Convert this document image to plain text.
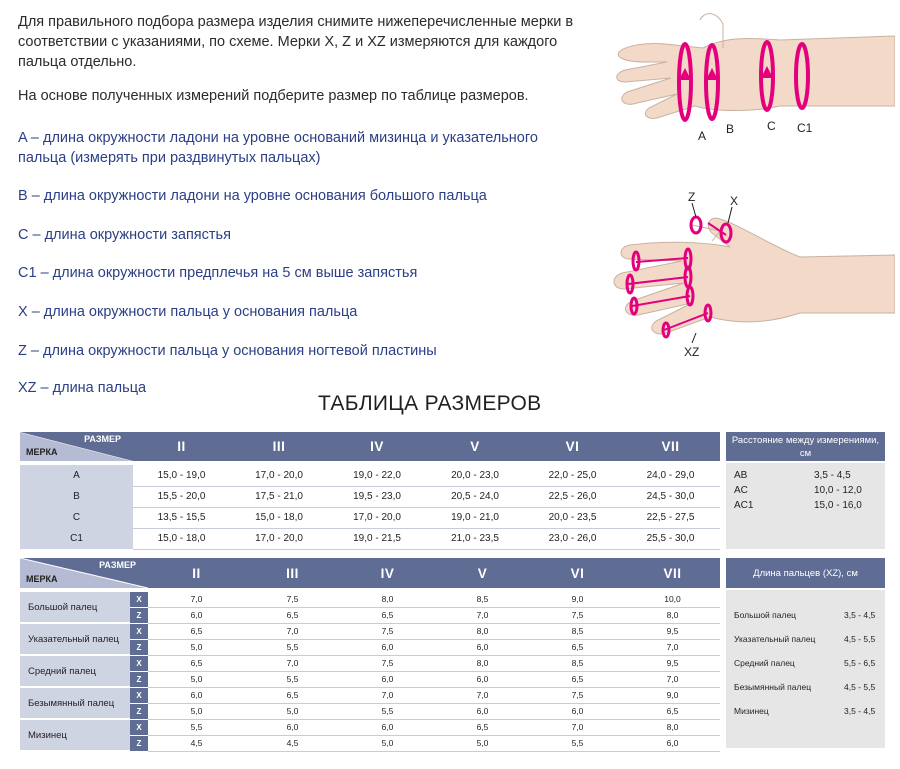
Для правильного подбора размера изделия снимите нижеперечисленные мерки в соответствии с указаниями, по схеме. Мерки X, Z и XZ измеряются для каждого пальца отдельно.
На основе полученных измерений подберите размер по таблице размеров.
A – длина окружности ладони на уровне оснований мизинца и указательного пальца (измерять при раздвинутых пальцах)
B – длина окружности ладони на уровне основания большого пальца
C – длина окружности запястья
C1 – длина окружности предплечья на 5 см выше запястья
X – длина окружности пальца у основания пальца
Z – длина окружности пальца у основания ногтевой пластины
XZ – длина пальца
A B	C C1
Z	X
XZ
ТАБЛИЦА РАЗМЕРОВ
РАЗМЕР
МЕРКА	II	III	IV	V	VI	VII

A	15,0 - 19,0	17,0 - 20,0	19,0 - 22,0	20,0 - 23,0	22,0 - 25,0	24,0 - 29,0
B	15,5 - 20,0	17,5 - 21,0	19,5 - 23,0	20,5 - 24,0	22,5 - 26,0	24,5 - 30,0
C	13,5 - 15,5	15,0 - 18,0	17,0 - 20,0	19,0 - 21,0	20,0 - 23,5	22,5 - 27,5
C1	15,0 - 18,0	17,0 - 20,0	19,0 - 21,5	21,0 - 23,5	23,0 - 26,0	25,5 - 30,0
Расстояние между измерениями, см
AB	3,5 - 4,5
AC	10,0 - 12,0
AC1	15,0 - 16,0
РАЗМЕР
МЕРКА		II	III	IV	V	VI	VII

Большой палец	X	7,0	7,5	8,0	8,5	9,0	10,0
	Z	6,0	6,5	6,5	7,0	7,5	8,0
Указательный палец	X	6,5	7,0	7,5	8,0	8,5	9,5
	Z	5,0	5,5	6,0	6,0	6,5	7,0
Средний палец	X	6,5	7,0	7,5	8,0	8,5	9,5
	Z	5,0	5,5	6,0	6,0	6,5	7,0
Безымянный палец	X	6,0	6,5	7,0	7,0	7,5	9,0
	Z	5,0	5,0	5,5	6,0	6,0	6,5
Мизинец	X	5,5	6,0	6,0	6,5	7,0	8,0
	Z	4,5	4,5	5,0	5,0	5,5	6,0
Длина пальцев (XZ), см
Большой палец	3,5 - 4,5
Указательный палец	4,5 - 5,5
Средний палец	5,5 - 6,5
Безымянный палец	4,5 - 5,5
Мизинец	3,5 - 4,5
